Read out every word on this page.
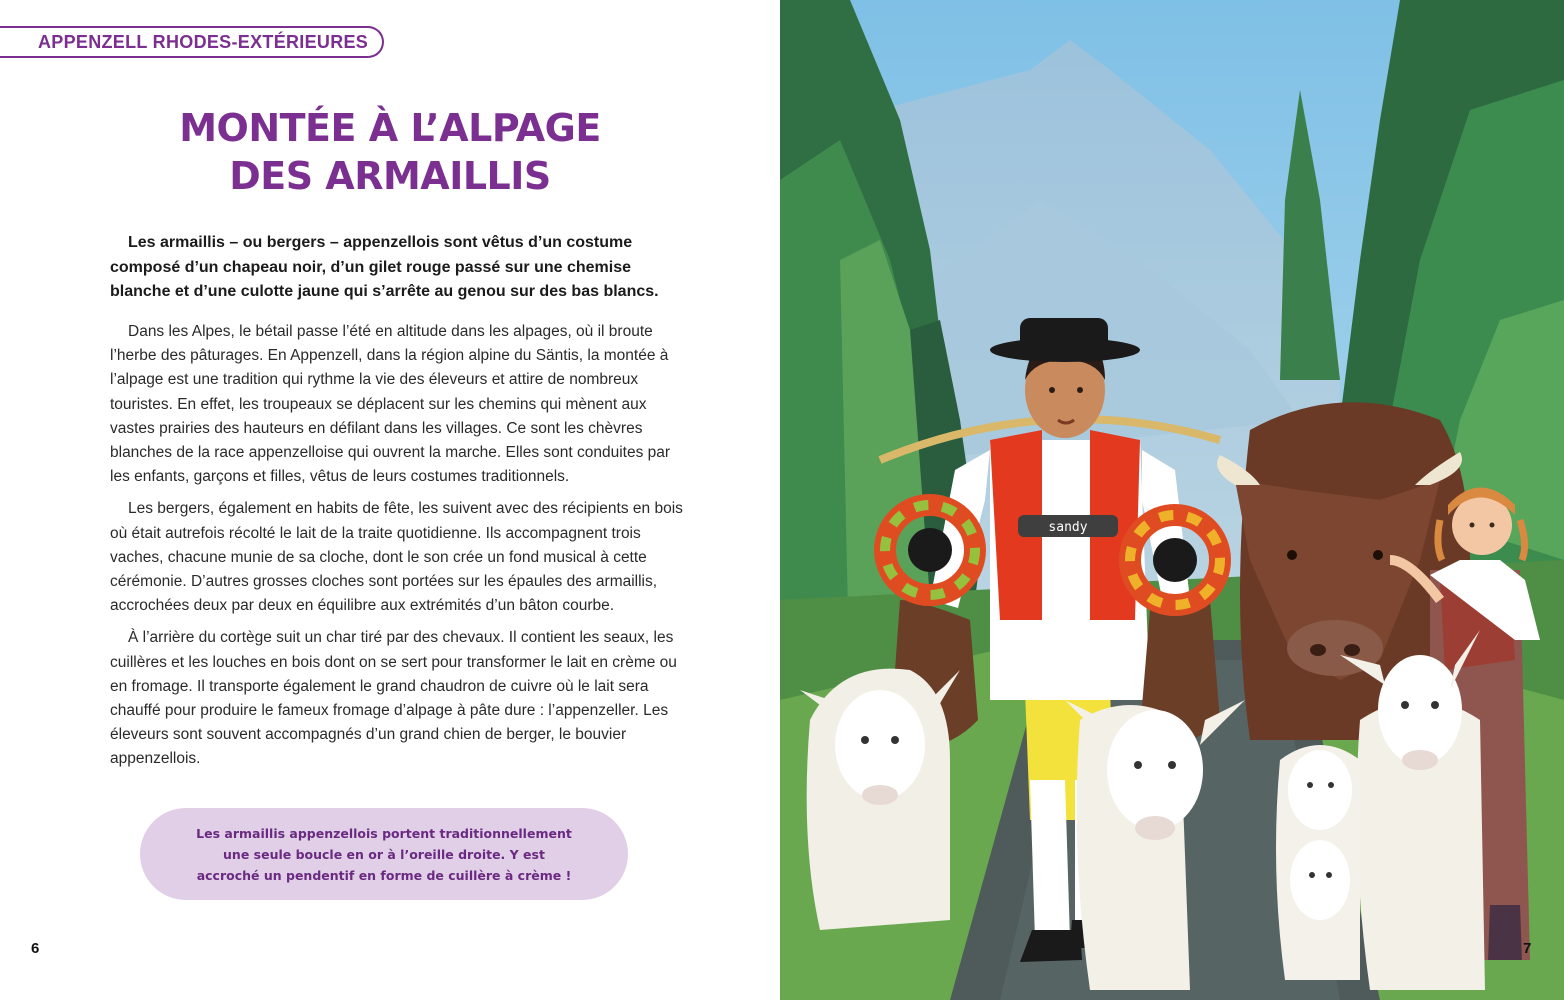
APPENZELL RHODES-EXTÉRIEURES
MONTÉE À L’ALPAGE
DES ARMAILLIS

Les armaillis – ou bergers – appenzellois sont vêtus d’un costume composé d’un chapeau noir, d’un gilet rouge passé sur une chemise blanche et d’une culotte jaune qui s’arrête au genou sur des bas blancs.

Dans les Alpes, le bétail passe l’été en altitude dans les alpages, où il broute l’herbe des pâturages. En Appenzell, dans la région alpine du Säntis, la montée à l’alpage est une tradition qui rythme la vie des éleveurs et attire de nombreux touristes. En effet, les troupeaux se déplacent sur les chemins qui mènent aux vastes prairies des hauteurs en défilant dans les villages. Ce sont les chèvres blanches de la race appenzelloise qui ouvrent la marche. Elles sont conduites par les enfants, garçons et filles, vêtus de leurs costumes traditionnels.

Les bergers, également en habits de fête, les suivent avec des récipients en bois où était autrefois récolté le lait de la traite quotidienne. Ils accompagnent trois vaches, chacune munie de sa cloche, dont le son crée un fond musical à cette cérémonie. D’autres grosses cloches sont portées sur les épaules des armaillis, accrochées deux par deux en équilibre aux extrémités d’un bâton courbe.

À l’arrière du cortège suit un char tiré par des chevaux. Il contient les seaux, les cuillères et les louches en bois dont on se sert pour transformer le lait en crème ou en fromage. Il transporte également le grand chaudron de cuivre où le lait sera chauffé pour produire le fameux fromage d’alpage à pâte dure : l’appenzeller. Les éleveurs sont souvent accompagnés d’un grand chien de berger, le bouvier appenzellois.

Les armaillis appenzellois portent traditionnellement une seule boucle en or à l’oreille droite. Y est accroché un pendentif en forme de cuillère à crème !
6
sandy
7
